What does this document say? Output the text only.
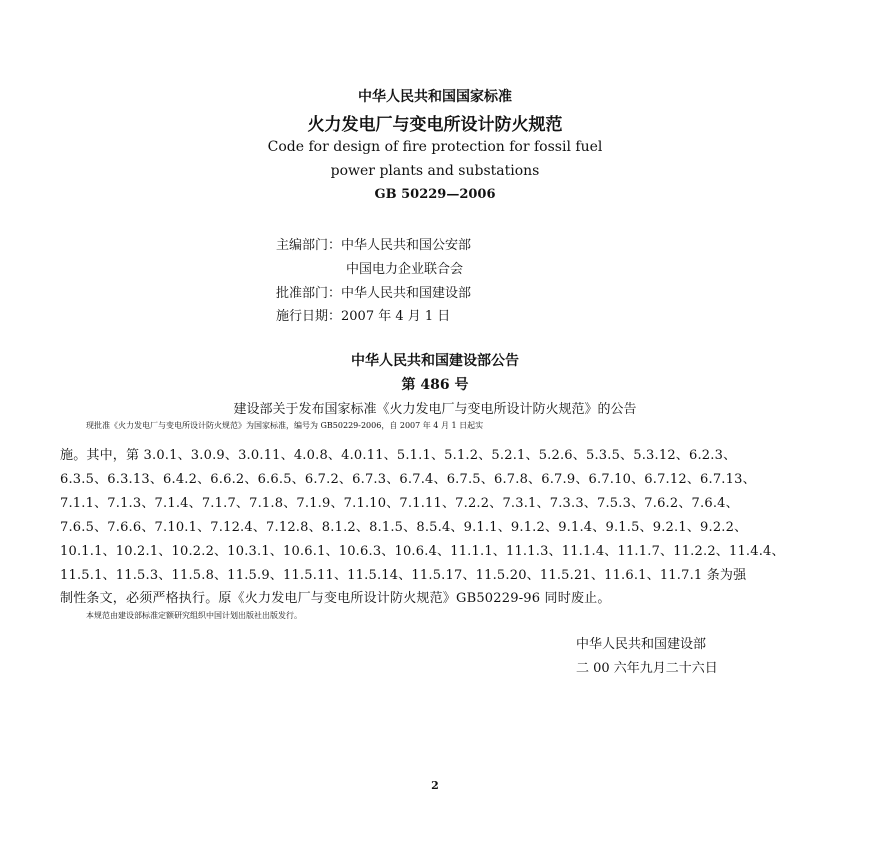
中华人民共和国国家标准
火力发电厂与变电所设计防火规范
Code for design of fire protection for fossil fuel
power plants and substations
GB 50229—2006
主编部门：中华人民共和国公安部
中国电力企业联合会
批准部门：中华人民共和国建设部
施行日期：2007 年 4 月 1 日
中华人民共和国建设部公告
第 486 号
建设部关于发布国家标准《火力发电厂与变电所设计防火规范》的公告
现批准《火力发电厂与变电所设计防火规范》为国家标准，编号为 GB50229-2006，自 2007 年 4 月 1 日起实
施。其中，第 3.0.1、3.0.9、3.0.11、4.0.8、4.0.11、5.1.1、5.1.2、5.2.1、5.2.6、5.3.5、5.3.12、6.2.3、
6.3.5、6.3.13、6.4.2、6.6.2、6.6.5、6.7.2、6.7.3、6.7.4、6.7.5、6.7.8、6.7.9、6.7.10、6.7.12、6.7.13、
7.1.1、7.1.3、7.1.4、7.1.7、7.1.8、7.1.9、7.1.10、7.1.11、7.2.2、7.3.1、7.3.3、7.5.3、7.6.2、7.6.4、
7.6.5、7.6.6、7.10.1、7.12.4、7.12.8、8.1.2、8.1.5、8.5.4、9.1.1、9.1.2、9.1.4、9.1.5、9.2.1、9.2.2、
10.1.1、10.2.1、10.2.2、10.3.1、10.6.1、10.6.3、10.6.4、11.1.1、11.1.3、11.1.4、11.1.7、11.2.2、11.4.4、
11.5.1、11.5.3、11.5.8、11.5.9、11.5.11、11.5.14、11.5.17、11.5.20、11.5.21、11.6.1、11.7.1 条为强
制性条文，必须严格执行。原《火力发电厂与变电所设计防火规范》GB50229-96 同时废止。
本规范由建设部标准定额研究组织中国计划出版社出版发行。
中华人民共和国建设部
二 00 六年九月二十六日
2
